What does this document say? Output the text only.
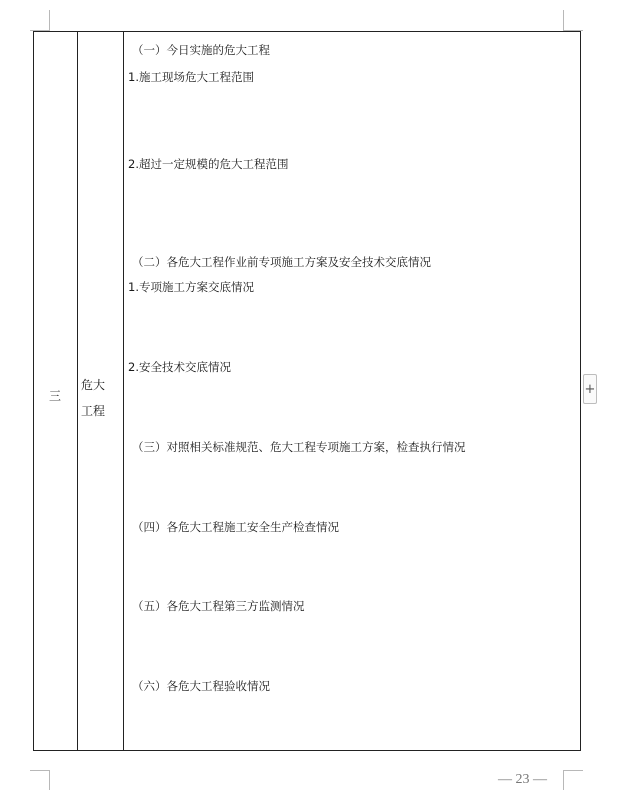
三
危大
工程
（一）今日实施的危大工程
1.施工现场危大工程范围
2.超过一定规模的危大工程范围
（二）各危大工程作业前专项施工方案及安全技术交底情况
1.专项施工方案交底情况
2.安全技术交底情况
（三）对照相关标准规范、危大工程专项施工方案，检查执行情况
（四）各危大工程施工安全生产检查情况
（五）各危大工程第三方监测情况
（六）各危大工程验收情况
+
— 23 —
